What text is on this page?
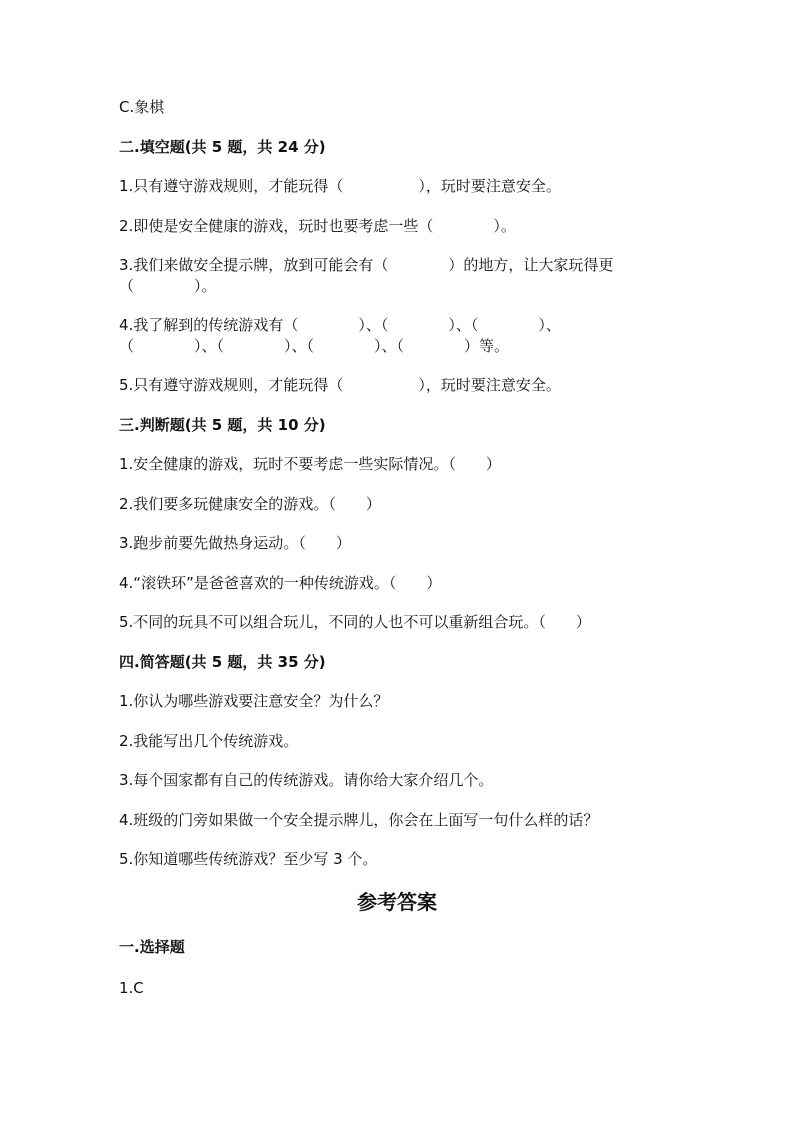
C.象棋
二.填空题(共 5 题，共 24 分)
1.只有遵守游戏规则，才能玩得（　　　　　），玩时要注意安全。
2.即使是安全健康的游戏，玩时也要考虑一些（　　　　）。
3.我们来做安全提示牌，放到可能会有（　　　　）的地方，让大家玩得更
（　　　　）。
4.我了解到的传统游戏有（　　　　）、（　　　　）、（　　　　）、
（　　　　）、（　　　　）、（　　　　）、（　　　　）等。
5.只有遵守游戏规则，才能玩得（　　　　　），玩时要注意安全。
三.判断题(共 5 题，共 10 分)
1.安全健康的游戏，玩时不要考虑一些实际情况。（　　）
2.我们要多玩健康安全的游戏。（　　）
3.跑步前要先做热身运动。（　　）
4.“滚铁环”是爸爸喜欢的一种传统游戏。（　　）
5.不同的玩具不可以组合玩儿，不同的人也不可以重新组合玩。（　　）
四.简答题(共 5 题，共 35 分)
1.你认为哪些游戏要注意安全？为什么？
2.我能写出几个传统游戏。
3.每个国家都有自己的传统游戏。请你给大家介绍几个。
4.班级的门旁如果做一个安全提示牌儿，你会在上面写一句什么样的话？
5.你知道哪些传统游戏？至少写 3 个。
参考答案
一.选择题
1.C
